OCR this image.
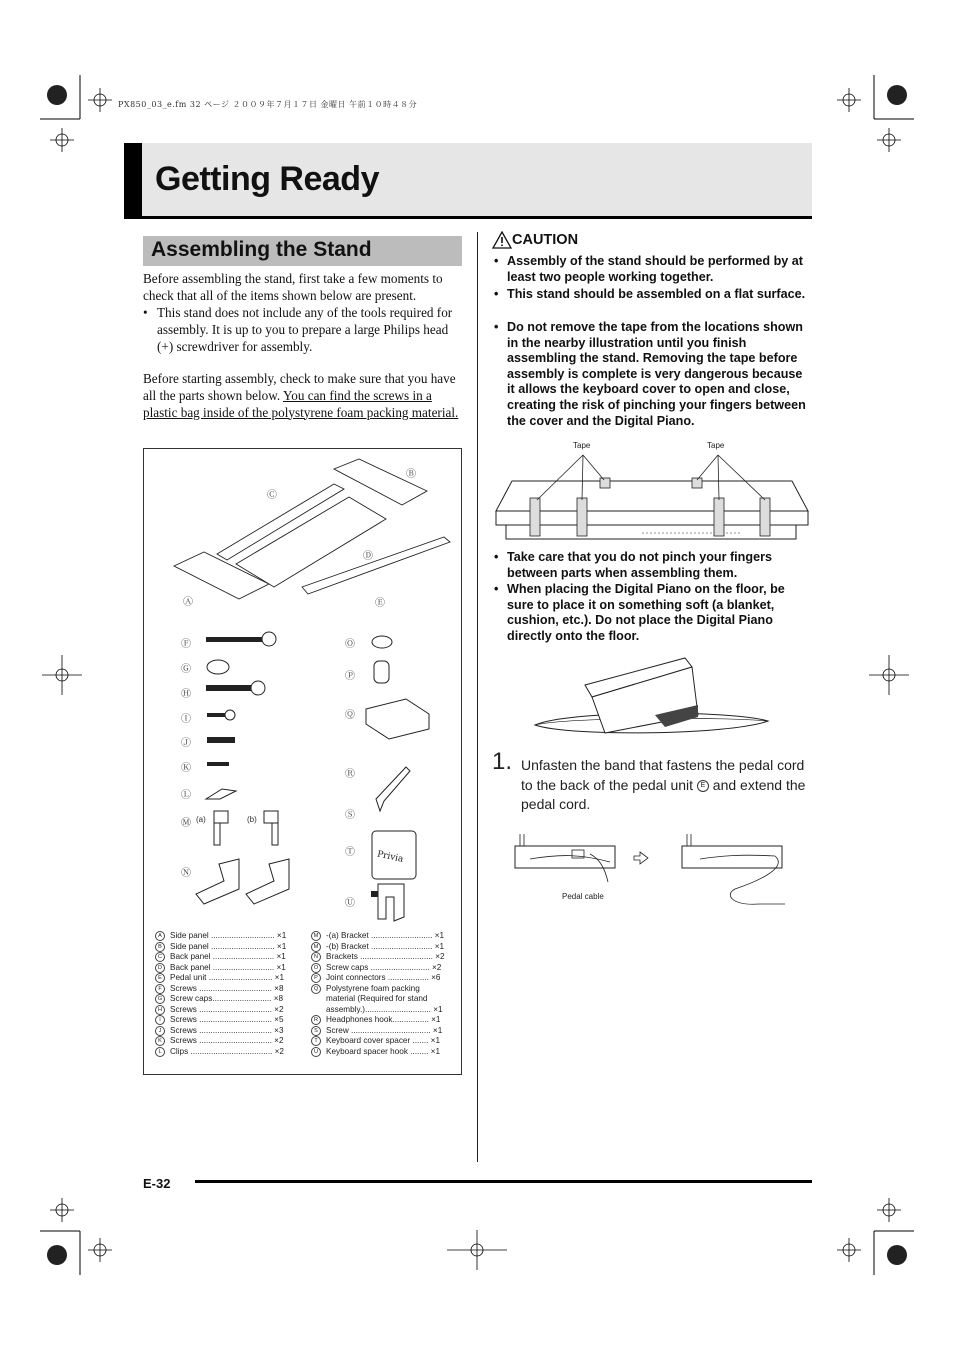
PX850_03_e.fm 32 ページ ２００９年７月１７日 金曜日 午前１０時４８分
Getting Ready
Assembling the Stand
Before assembling the stand, first take a few moments to check that all of the items shown below are present.
• This stand does not include any of the tools required for assembly. It is up to you to prepare a large Philips head (+) screwdriver for assembly.
Before starting assembly, check to make sure that you have all the parts shown below. You can find the screws in a plastic bag inside of the polystyrene foam packing material.
Privia
Ⓐ
Ⓑ
Ⓒ
Ⓓ
Ⓔ
Ⓕ
Ⓖ
Ⓗ
Ⓘ
Ⓙ
Ⓚ
Ⓛ
Ⓜ (a)	(b)
Ⓝ
Ⓞ
Ⓟ
Ⓠ
Ⓡ
Ⓢ
Ⓣ
Ⓤ
A Side panel ............................ ×1
B Side panel ............................ ×1
C Back panel ........................... ×1
D Back panel ........................... ×1
E Pedal unit ............................ ×1
F Screws ................................ ×8
G Screw caps.......................... ×8
H Screws ................................ ×2
I Screws ................................ ×5
J Screws ................................ ×3
K Screws ................................ ×2
L Clips .................................... ×2
M -(a) Bracket ........................... ×1
M -(b) Bracket ........................... ×1
N Brackets ................................ ×2
O Screw caps .......................... ×2
P Joint connectors .................. ×6
Q Polystyrene foam packing
material (Required for stand
assembly.)............................. ×1
R Headphones hook................ ×1
S Screw ................................... ×1
T Keyboard cover spacer ....... ×1
U Keyboard spacer hook ........ ×1
CAUTION
• Assembly of the stand should be performed by at least two people working together.
• This stand should be assembled on a flat surface.
• Do not remove the tape from the locations shown in the nearby illustration until you finish assembling the stand. Removing the tape before assembly is complete is very dangerous because it allows the keyboard cover to open and close, creating the risk of pinching your fingers between the cover and the Digital Piano.
Tape	Tape
• Take care that you do not pinch your fingers between parts when assembling them.
• When placing the Digital Piano on the floor, be sure to place it on something soft (a blanket, cushion, etc.). Do not place the Digital Piano directly onto the floor.
1. Unfasten the band that fastens the pedal cord to the back of the pedal unit E and extend the pedal cord.
Pedal cable
E-32
